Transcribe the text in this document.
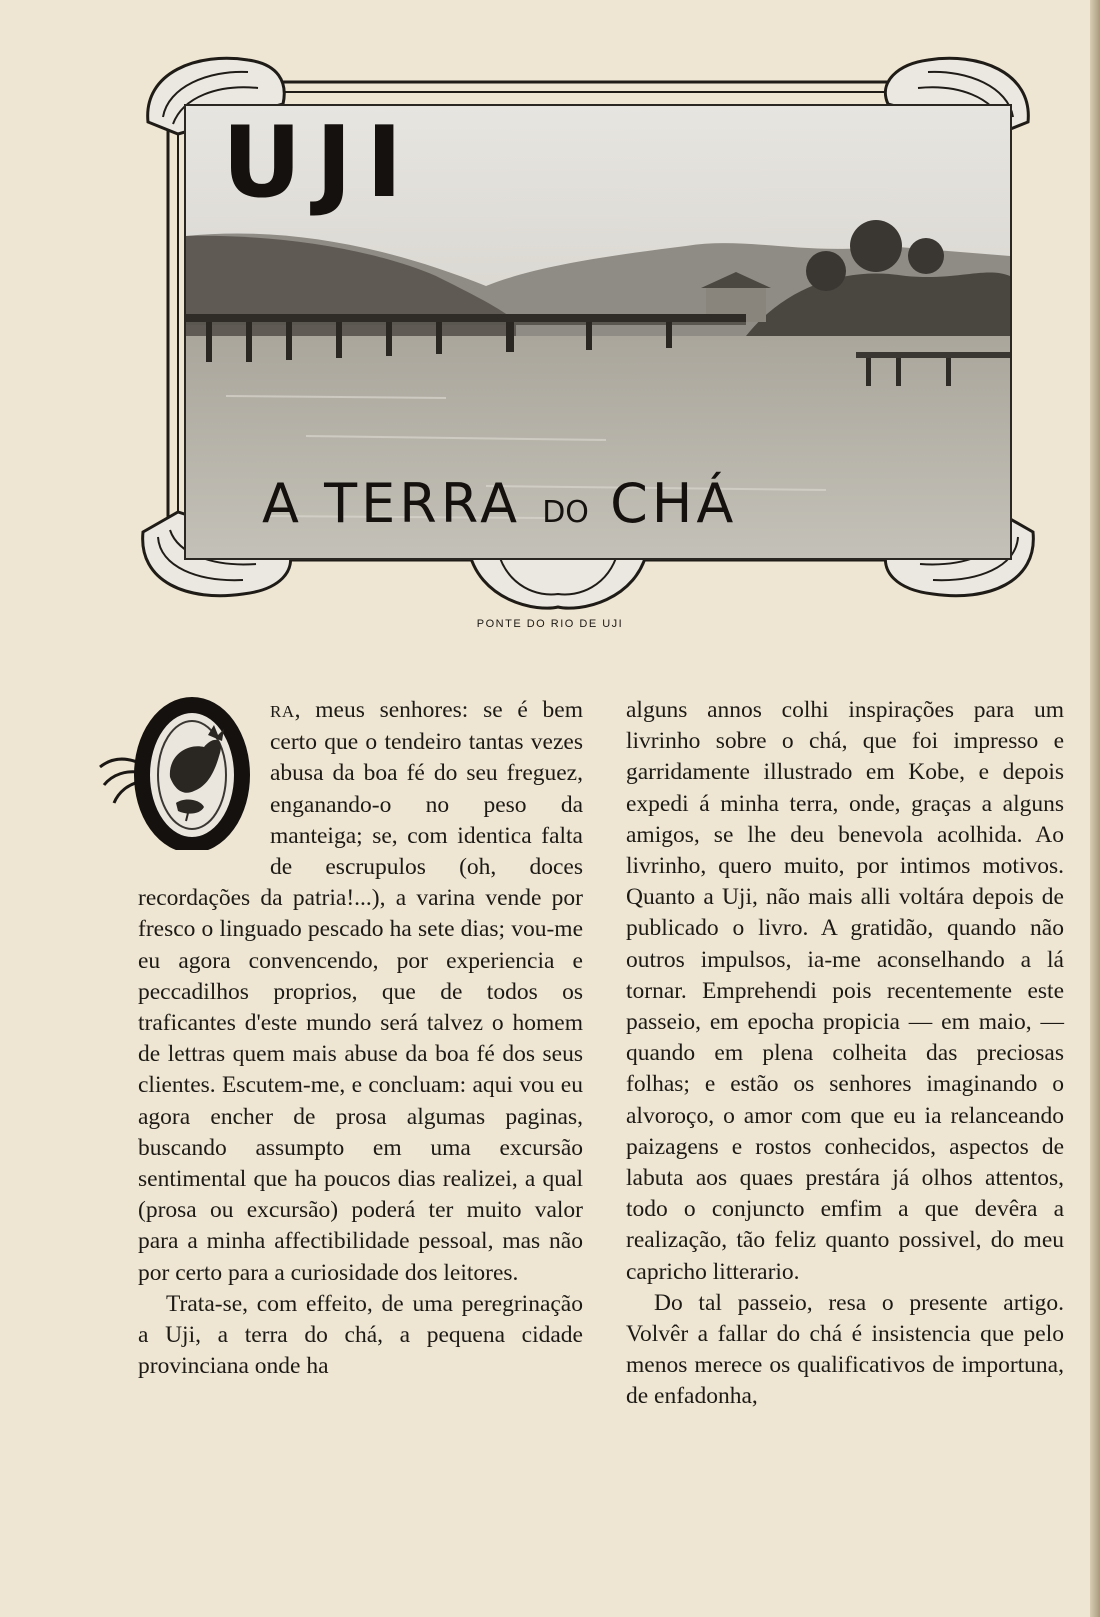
UJI
A TERRA DO CHÁ
PONTE DO RIO DE UJI

RA, meus senhores: se é bem certo que o tendeiro tantas vezes abusa da boa fé do seu freguez, enganando-o no peso da manteiga; se, com identica falta de escrupulos (oh, doces recordações da patria!...), a varina vende por fresco o linguado pescado ha sete dias; vou-me eu agora convencendo, por experiencia e peccadilhos proprios, que de todos os traficantes d'este mundo será talvez o homem de lettras quem mais abuse da boa fé dos seus clientes. Escutem-me, e concluam: aqui vou eu agora encher de prosa algumas paginas, buscando assumpto em uma excursão sentimental que ha poucos dias realizei, a qual (prosa ou excursão) poderá ter muito valor para a minha affectibilidade pessoal, mas não por certo para a curiosidade dos leitores.

Trata-se, com effeito, de uma peregrinação a Uji, a terra do chá, a pequena cidade provinciana onde ha

alguns annos colhi inspirações para um livrinho sobre o chá, que foi impresso e garridamente illustrado em Kobe, e depois expedi á minha terra, onde, graças a alguns amigos, se lhe deu benevola acolhida. Ao livrinho, quero muito, por intimos motivos. Quanto a Uji, não mais alli voltára depois de publicado o livro. A gratidão, quando não outros impulsos, ia-me aconselhando a lá tornar. Emprehendi pois recentemente este passeio, em epocha propicia — em maio, — quando em plena colheita das preciosas folhas; e estão os senhores imaginando o alvoroço, o amor com que eu ia relanceando paizagens e rostos conhecidos, aspectos de labuta aos quaes prestára já olhos attentos, todo o conjuncto emfim a que devêra a realização, tão feliz quanto possivel, do meu capricho litterario.

Do tal passeio, resa o presente artigo. Volvêr a fallar do chá é insistencia que pelo menos merece os qualificativos de importuna, de enfadonha,
